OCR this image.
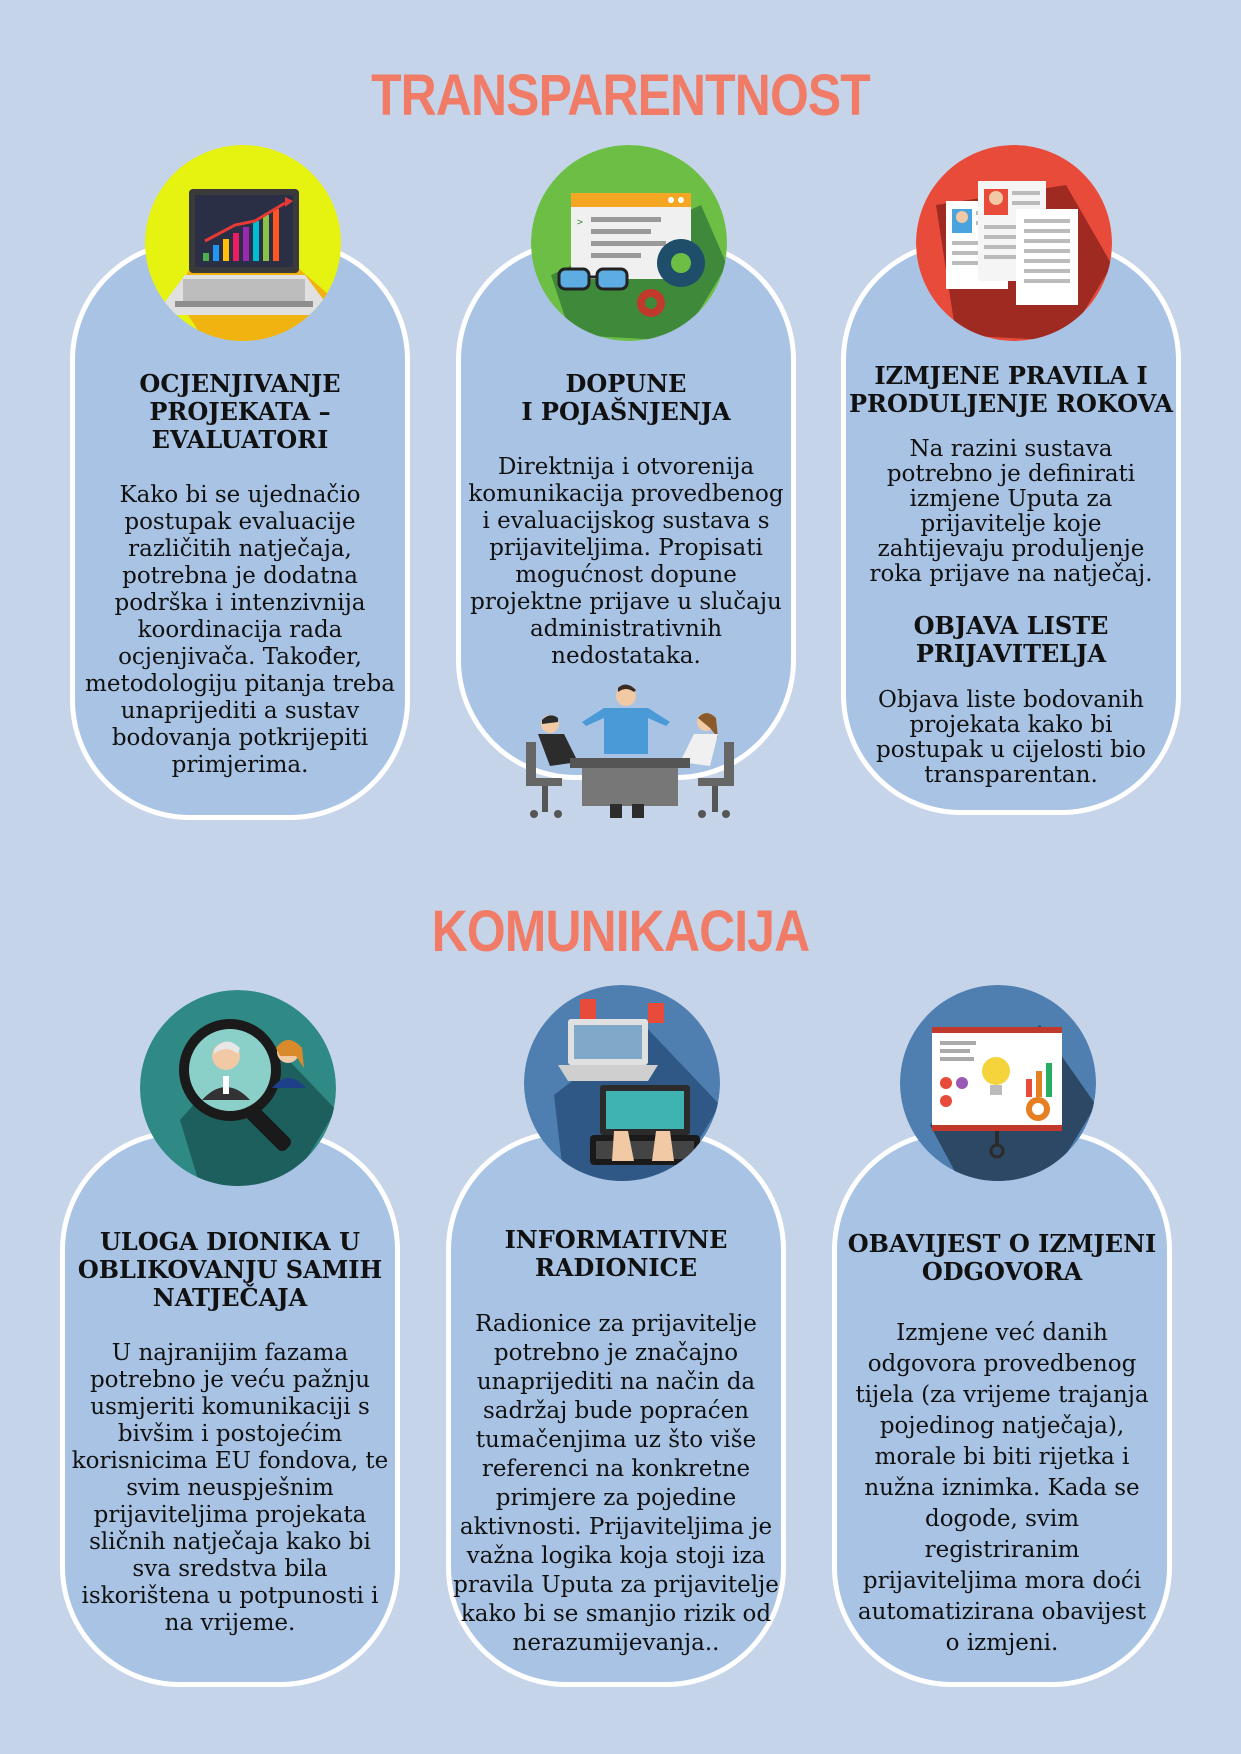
TRANSPARENTNOST
OCJENJIVANJE
PROJEKATA –
EVALUATORI
Kako bi se ujednačio
postupak evaluacije
različitih natječaja,
potrebna je dodatna
podrška i intenzivnija
koordinacija rada
ocjenjivača. Također,
metodologiju pitanja treba
unaprijediti a sustav
bodovanja potkrijepiti
primjerima.
>
DOPUNE
I POJAŠNJENJA
Direktnija i otvorenija
komunikacija provedbenog
i evaluacijskog sustava s
prijaviteljima. Propisati
mogućnost dopune
projektne prijave u slučaju
administrativnih
nedostataka.
IZMJENE PRAVILA I
PRODULJENJE ROKOVA
Na razini sustava
potrebno je definirati
izmjene Uputa za
prijavitelje koje
zahtijevaju produljenje
roka prijave na natječaj.
OBJAVA LISTE
PRIJAVITELJA
Objava liste bodovanih
projekata kako bi
postupak u cijelosti bio
transparentan.
KOMUNIKACIJA
ULOGA DIONIKA U
OBLIKOVANJU SAMIH
NATJEČAJA
U najranijim fazama
potrebno je veću pažnju
usmjeriti komunikaciji s
bivšim i postojećim
korisnicima EU fondova, te
svim neuspješnim
prijaviteljima projekata
sličnih natječaja kako bi
sva sredstva bila
iskorištena u potpunosti i
na vrijeme.
INFORMATIVNE
RADIONICE
Radionice za prijavitelje
potrebno je značajno
unaprijediti na način da
sadržaj bude popraćen
tumačenjima uz što više
referenci na konkretne
primjere za pojedine
aktivnosti. Prijaviteljima je
važna logika koja stoji iza
pravila Uputa za prijavitelje
kako bi se smanjio rizik od
nerazumijevanja..
OBAVIJEST O IZMJENI
ODGOVORA
Izmjene već danih
odgovora provedbenog
tijela (za vrijeme trajanja
pojedinog natječaja),
morale bi biti rijetka i
nužna iznimka. Kada se
dogode, svim
registriranim
prijaviteljima mora doći
automatizirana obavijest
o izmjeni.
